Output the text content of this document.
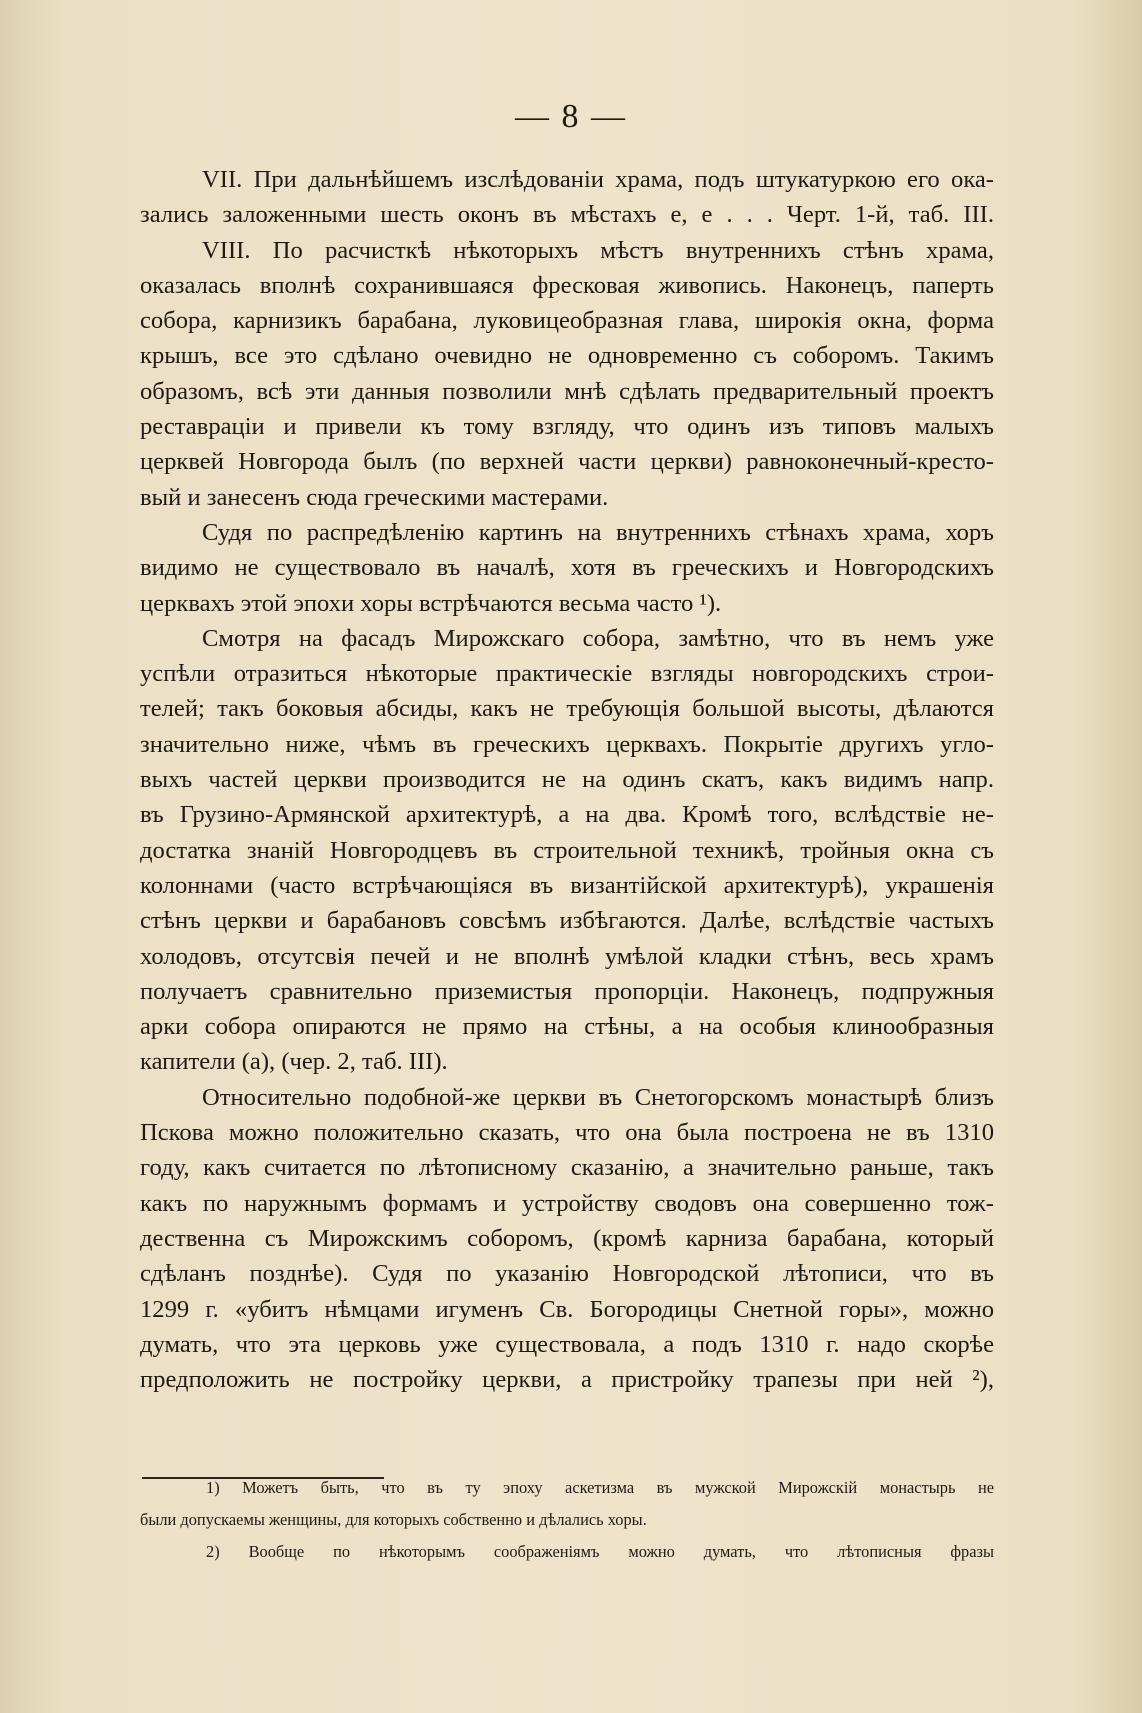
— 8 —
VII. При дальнѣйшемъ изслѣдованіи храма, подъ штукатуркою его ока-
зались заложенными шесть оконъ въ мѣстахъ е, е . . . Черт. 1-й, таб. III.
VIII. По расчисткѣ нѣкоторыхъ мѣстъ внутреннихъ стѣнъ храма,
оказалась вполнѣ сохранившаяся фресковая живопись. Наконецъ, паперть
собора, карнизикъ барабана, луковицеобразная глава, широкія окна, форма
крышъ, все это сдѣлано очевидно не одновременно съ соборомъ. Такимъ
образомъ, всѣ эти данныя позволили мнѣ сдѣлать предварительный проектъ
реставраціи и привели къ тому взгляду, что одинъ изъ типовъ малыхъ
церквей Новгорода былъ (по верхней части церкви) равноконечный-кресто-
вый и занесенъ сюда греческими мастерами.
Судя по распредѣленію картинъ на внутреннихъ стѣнахъ храма, хоръ
видимо не существовало въ началѣ, хотя въ греческихъ и Новгородскихъ
церквахъ этой эпохи хоры встрѣчаются весьма часто ¹).
Смотря на фасадъ Мирожскаго собора, замѣтно, что въ немъ уже
успѣли отразиться нѣкоторые практическіе взгляды новгородскихъ строи-
телей; такъ боковыя абсиды, какъ не требующія большой высоты, дѣлаются
значительно ниже, чѣмъ въ греческихъ церквахъ. Покрытіе другихъ угло-
выхъ частей церкви производится не на одинъ скатъ, какъ видимъ напр.
въ Грузино-Армянской архитектурѣ, а на два. Кромѣ того, вслѣдствіе не-
достатка знаній Новгородцевъ въ строительной техникѣ, тройныя окна съ
колоннами (часто встрѣчающіяся въ византійской архитектурѣ), украшенія
стѣнъ церкви и барабановъ совсѣмъ избѣгаются. Далѣе, вслѣдствіе частыхъ
холодовъ, отсутсвія печей и не вполнѣ умѣлой кладки стѣнъ, весь храмъ
получаетъ сравнительно приземистыя пропорціи. Наконецъ, подпружныя
арки собора опираются не прямо на стѣны, а на особыя клинообразныя
капители (а), (чер. 2, таб. III).
Относительно подобной-же церкви въ Снетогорскомъ монастырѣ близъ
Пскова можно положительно сказать, что она была построена не въ 1310
году, какъ считается по лѣтописному сказанію, а значительно раньше, такъ
какъ по наружнымъ формамъ и устройству сводовъ она совершенно тож-
дественна съ Мирожскимъ соборомъ, (кромѣ карниза барабана, который
сдѣланъ позднѣе). Судя по указанію Новгородской лѣтописи, что въ
1299 г. «убитъ нѣмцами игуменъ Св. Богородицы Снетной горы», можно
думать, что эта церковь уже существовала, а подъ 1310 г. надо скорѣе
предположить не постройку церкви, а пристройку трапезы при ней ²),
1) Можетъ быть, что въ ту эпоху аскетизма въ мужской Мирожскій монастырь не
были допускаемы женщины, для которыхъ собственно и дѣлались хоры.
2) Вообще по нѣкоторымъ соображеніямъ можно думать, что лѣтописныя фразы
